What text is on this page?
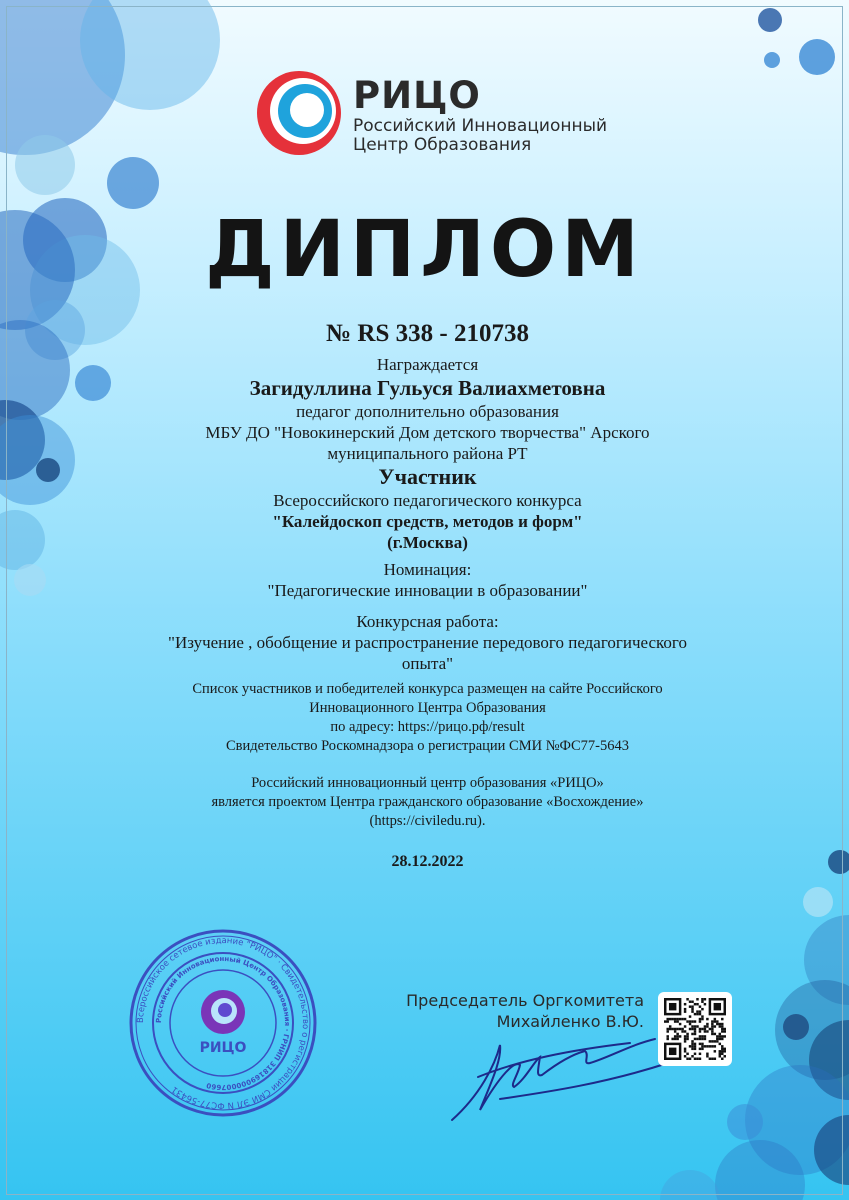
РИЦО
Российский Инновационный
Центр Образования
ДИПЛОМ
№ RS 338 - 210738
Награждается
Загидуллина Гульуся Валиахметовна
педагог дополнительно образования
МБУ ДО "Новокинерский Дом детского творчества" Арского
муниципального района РТ
Участник
Всероссийского педагогического конкурса
"Калейдоскоп средств, методов и форм"
(г.Москва)
Номинация:
"Педагогические инновации в образовании"
Конкурсная работа:
"Изучение , обобщение и распространение передового педагогического
опыта"
Список участников и победителей конкурса размещен на сайте Российского
Инновационного Центра Образования
по адресу: https://рицо.рф/result
Свидетельство Роскомнадзора о регистрации СМИ №ФС77-5643
Российский инновационный центр образования «РИЦО»
является проектом Центра гражданского образование «Восхождение»
(https://civiledu.ru).
28.12.2022
Всероссийское сетевое издание "РИЦО" · Свидетельство о регистрации СМИ ЭЛ N ФС77-56431
Российский Инновационный Центр Образования · ГРНИП 318169000007660
РИЦО
Председатель Оргкомитета
Михайленко В.Ю.
